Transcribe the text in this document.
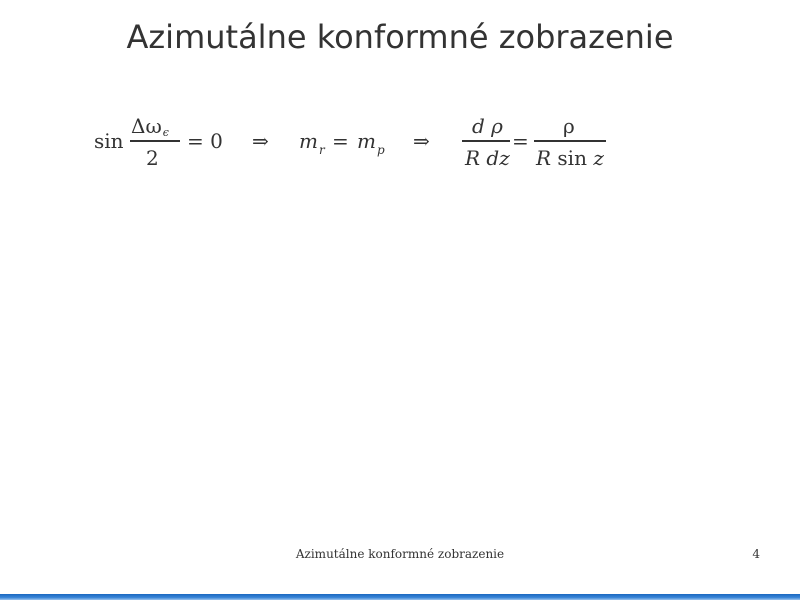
Azimutálne konformné zobrazenie
sin
Δωϵ
2
= 0 ⇒ $m_r = m_p$ ⇒
d ρ
R dz
=
ρ
R sin z
Azimutálne konformné zobrazenie	4
